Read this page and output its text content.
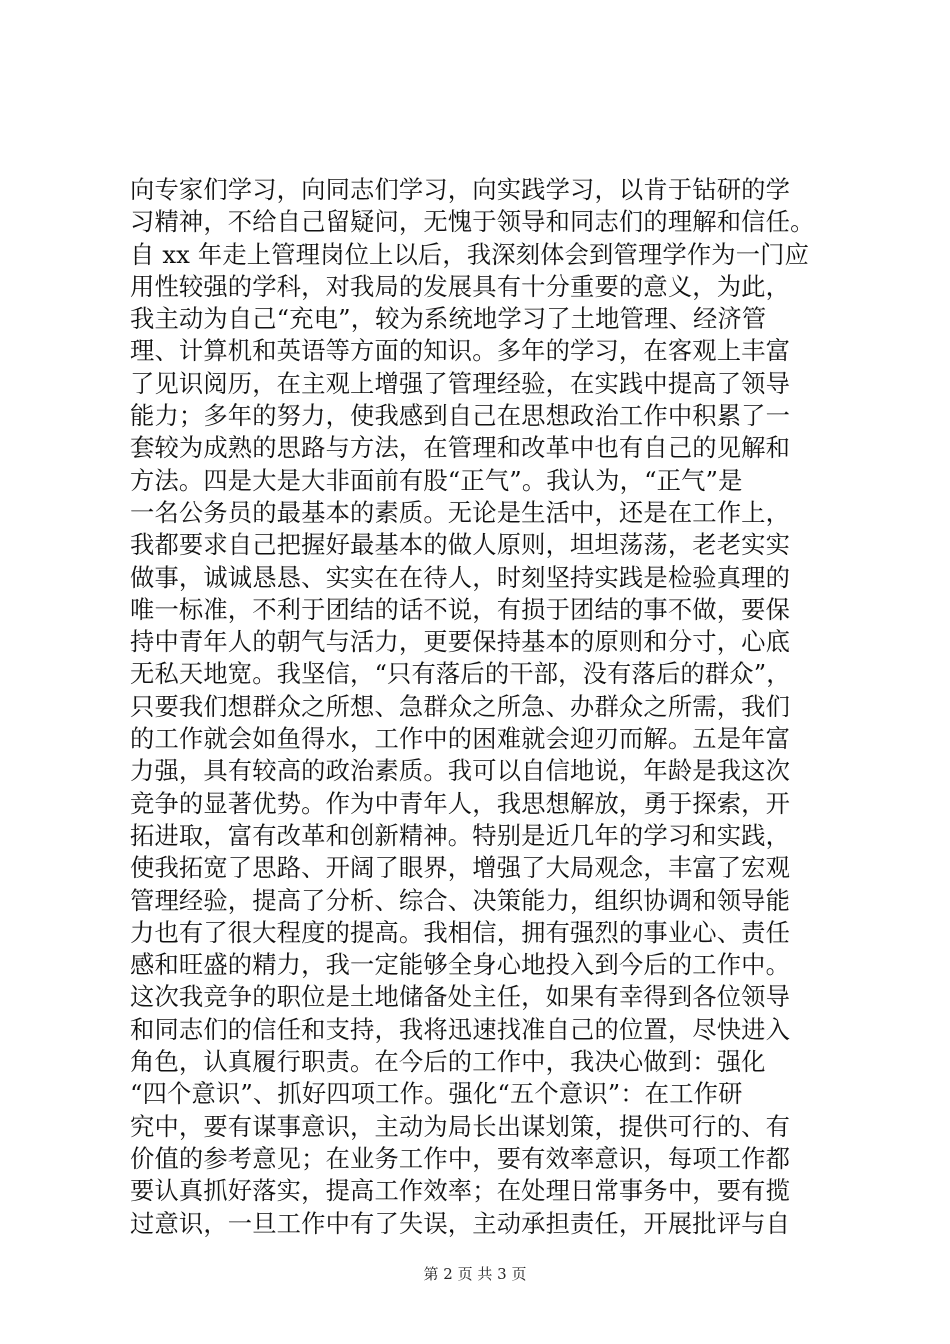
向专家们学习，向同志们学习，向实践学习，以肯于钻研的学
习精神，不给自己留疑问，无愧于领导和同志们的理解和信任。
自 xx 年走上管理岗位上以后，我深刻体会到管理学作为一门应
用性较强的学科，对我局的发展具有十分重要的意义，为此，
我主动为自己“充电”，较为系统地学习了土地管理、经济管
理、计算机和英语等方面的知识。多年的学习，在客观上丰富
了见识阅历，在主观上增强了管理经验，在实践中提高了领导
能力；多年的努力，使我感到自己在思想政治工作中积累了一
套较为成熟的思路与方法，在管理和改革中也有自己的见解和
方法。四是大是大非面前有股“正气”。我认为，“正气”是
一名公务员的最基本的素质。无论是生活中，还是在工作上，
我都要求自己把握好最基本的做人原则，坦坦荡荡，老老实实
做事，诚诚恳恳、实实在在待人，时刻坚持实践是检验真理的
唯一标准，不利于团结的话不说，有损于团结的事不做，要保
持中青年人的朝气与活力，更要保持基本的原则和分寸，心底
无私天地宽。我坚信，“只有落后的干部，没有落后的群众”，
只要我们想群众之所想、急群众之所急、办群众之所需，我们
的工作就会如鱼得水，工作中的困难就会迎刃而解。五是年富
力强，具有较高的政治素质。我可以自信地说，年龄是我这次
竞争的显著优势。作为中青年人，我思想解放，勇于探索，开
拓进取，富有改革和创新精神。特别是近几年的学习和实践，
使我拓宽了思路、开阔了眼界，增强了大局观念，丰富了宏观
管理经验，提高了分析、综合、决策能力，组织协调和领导能
力也有了很大程度的提高。我相信，拥有强烈的事业心、责任
感和旺盛的精力，我一定能够全身心地投入到今后的工作中。
这次我竞争的职位是土地储备处主任，如果有幸得到各位领导
和同志们的信任和支持，我将迅速找准自己的位置，尽快进入
角色，认真履行职责。在今后的工作中，我决心做到：强化
“四个意识”、抓好四项工作。强化“五个意识”：在工作研
究中，要有谋事意识，主动为局长出谋划策，提供可行的、有
价值的参考意见；在业务工作中，要有效率意识，每项工作都
要认真抓好落实，提高工作效率；在处理日常事务中，要有揽
过意识，一旦工作中有了失误，主动承担责任，开展批评与自
第 2 页 共 3 页
